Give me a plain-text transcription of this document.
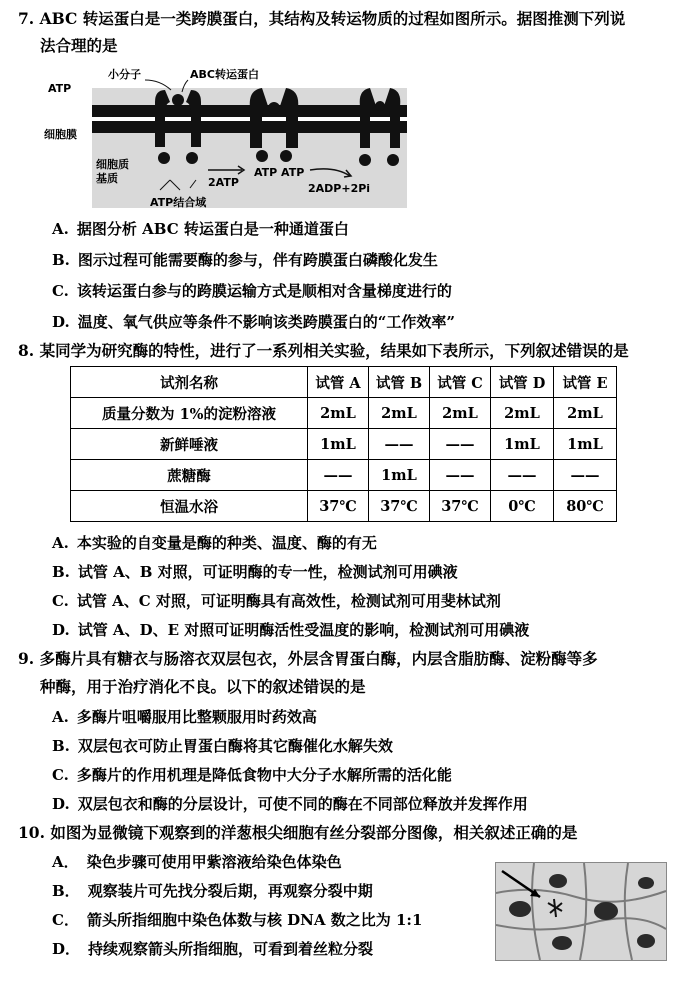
7. ABC 转运蛋白是一类跨膜蛋白，其结构及转运物质的过程如图所示。据图推测下列说
法合理的是
小分子	ABC转运蛋白
ATP
细胞膜
细胞质
基质	2ATP
ATP ATP
2ADP+2Pi
ATP结合域
A. 据图分析 ABC 转运蛋白是一种通道蛋白
B. 图示过程可能需要酶的参与，伴有跨膜蛋白磷酸化发生
C. 该转运蛋白参与的跨膜运输方式是顺相对含量梯度进行的
D. 温度、氧气供应等条件不影响该类跨膜蛋白的“工作效率”
8. 某同学为研究酶的特性，进行了一系列相关实验，结果如下表所示，下列叙述错误的是
试剂名称	试管 A	试管 B	试管 C	试管 D	试管 E
质量分数为 1%的淀粉溶液	2mL	2mL	2mL	2mL	2mL
新鲜唾液	1mL	——	——	1mL	1mL
蔗糖酶	——	1mL	——	——	——
恒温水浴	37℃	37℃	37℃	0℃	80℃
A. 本实验的自变量是酶的种类、温度、酶的有无
B. 试管 A、B 对照，可证明酶的专一性，检测试剂可用碘液
C. 试管 A、C 对照，可证明酶具有高效性，检测试剂可用斐林试剂
D. 试管 A、D、E 对照可证明酶活性受温度的影响，检测试剂可用碘液
9. 多酶片具有糖衣与肠溶衣双层包衣，外层含胃蛋白酶，内层含脂肪酶、淀粉酶等多
种酶，用于治疗消化不良。以下的叙述错误的是
A. 多酶片咀嚼服用比整颗服用时药效高
B. 双层包衣可防止胃蛋白酶将其它酶催化水解失效
C. 多酶片的作用机理是降低食物中大分子水解所需的活化能
D. 双层包衣和酶的分层设计，可使不同的酶在不同部位释放并发挥作用
10. 如图为显微镜下观察到的洋葱根尖细胞有丝分裂部分图像，相关叙述正确的是
A． 染色步骤可使用甲紫溶液给染色体染色
B． 观察装片可先找分裂后期，再观察分裂中期
C． 箭头所指细胞中染色体数与核 DNA 数之比为 1:1
D． 持续观察箭头所指细胞，可看到着丝粒分裂
